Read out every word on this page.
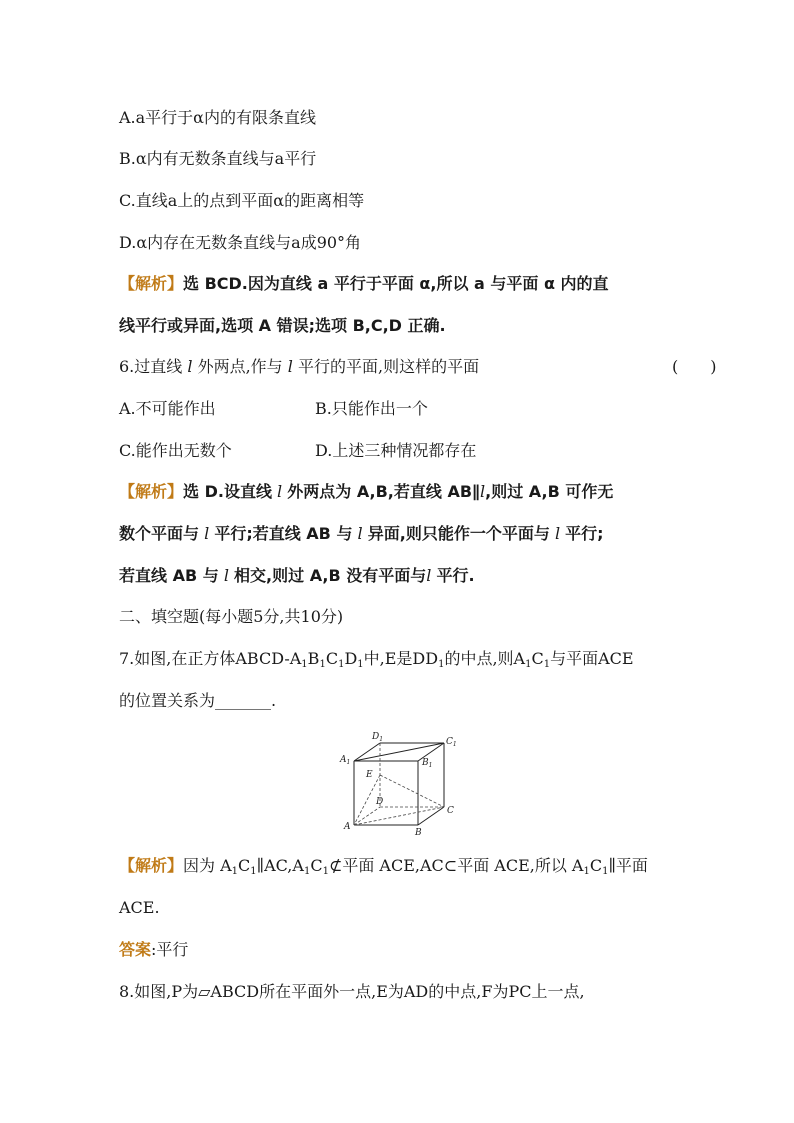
A.a平行于α内的有限条直线
B.α内有无数条直线与a平行
C.直线a上的点到平面α的距离相等
D.α内存在无数条直线与a成90°角
【解析】选 BCD.因为直线 a 平行于平面 α,所以 a 与平面 α 内的直
线平行或异面,选项 A 错误;选项 B,C,D 正确.
6.过直线 l 外两点,作与 l 平行的平面,则这样的平面	(　　)
A.不可能作出	B.只能作出一个
C.能作出无数个	D.上述三种情况都存在
【解析】选 D.设直线 l 外两点为 A,B,若直线 AB∥l,则过 A,B 可作无
数个平面与 l 平行;若直线 AB 与 l 异面,则只能作一个平面与 l 平行;
若直线 AB 与 l 相交,则过 A,B 没有平面与l 平行.
二、填空题(每小题5分,共10分)
7.如图,在正方体ABCD-$A_1B_1C_1D_1$中,E是$DD_1$的中点,则$A_1C_1$与平面ACE
的位置关系为_______.
$D_1$	$C_1$
$A_1$	$B_1$
E
D
C
A
B
【解析】因为 $A_1C_1\parallel AC,A_1C_1⊄$平面 ACE,AC⊂平面 ACE,所以 $A_1C_1\parallel$平面
ACE.
答案:平行
8.如图,P为▱ABCD所在平面外一点,E为AD的中点,F为PC上一点,
